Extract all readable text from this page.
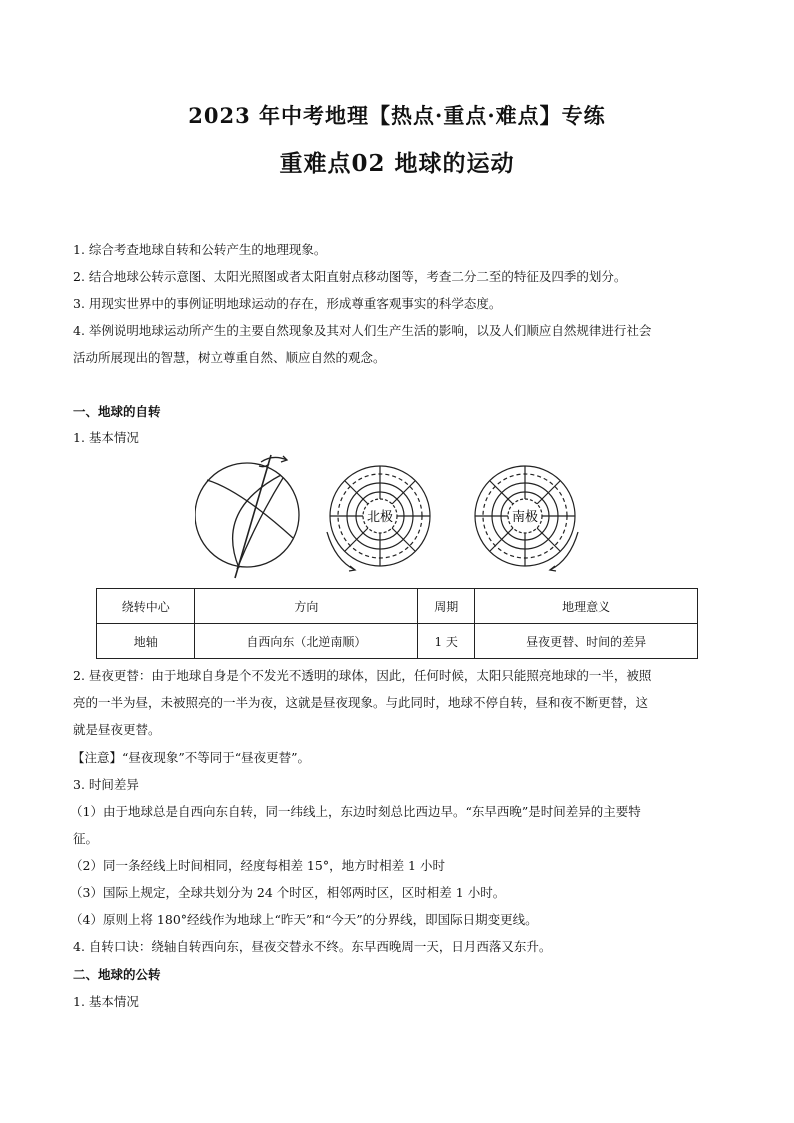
2023 年中考地理【热点·重点·难点】专练
重难点02 地球的运动
1. 综合考查地球自转和公转产生的地理现象。
2. 结合地球公转示意图、太阳光照图或者太阳直射点移动图等，考查二分二至的特征及四季的划分。
3. 用现实世界中的事例证明地球运动的存在，形成尊重客观事实的科学态度。
4. 举例说明地球运动所产生的主要自然现象及其对人们生产生活的影响，以及人们顺应自然规律进行社会
活动所展现出的智慧，树立尊重自然、顺应自然的观念。
一、地球的自转
1. 基本情况
北极	南极
绕转中心	方向	周期	地理意义
地轴	自西向东（北逆南顺）	1 天	昼夜更替、时间的差异
2. 昼夜更替：由于地球自身是个不发光不透明的球体，因此，任何时候，太阳只能照亮地球的一半，被照
亮的一半为昼，未被照亮的一半为夜，这就是昼夜现象。与此同时，地球不停自转，昼和夜不断更替，这
就是昼夜更替。
【注意】“昼夜现象”不等同于“昼夜更替”。
3. 时间差异
（1）由于地球总是自西向东自转，同一纬线上，东边时刻总比西边早。“东早西晚”是时间差异的主要特
征。
（2）同一条经线上时间相同，经度每相差 15°，地方时相差 1 小时
（3）国际上规定，全球共划分为 24 个时区，相邻两时区，区时相差 1 小时。
（4）原则上将 180°经线作为地球上“昨天”和“今天”的分界线，即国际日期变更线。
4. 自转口诀：绕轴自转西向东，昼夜交替永不终。东早西晚周一天，日月西落又东升。
二、地球的公转
1. 基本情况
